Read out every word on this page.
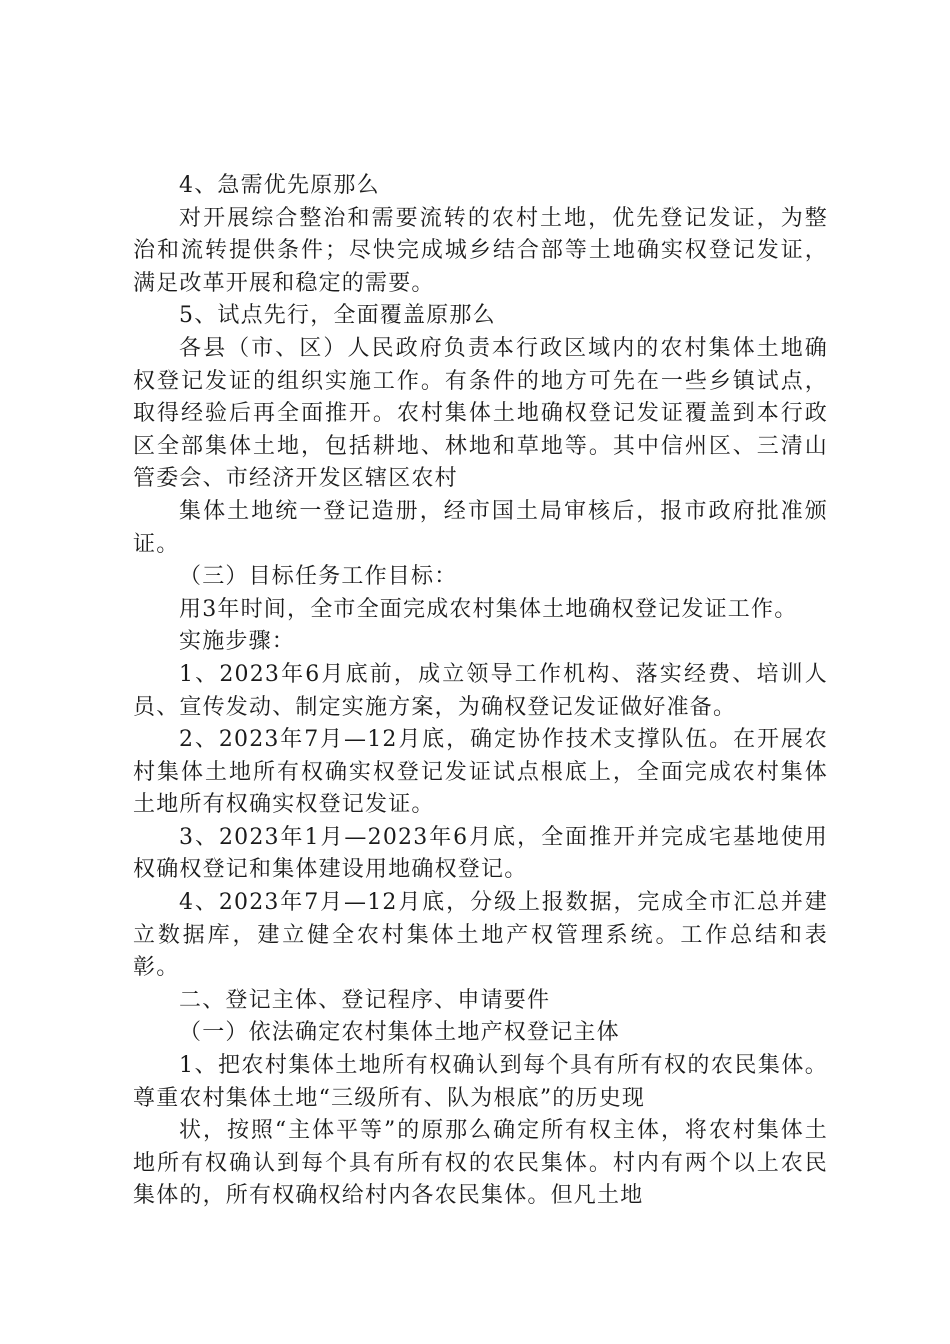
4、急需优先原那么

对开展综合整治和需要流转的农村土地，优先登记发证，为整治和流转提供条件；尽快完成城乡结合部等土地确实权登记发证，满足改革开展和稳定的需要。

5、试点先行，全面覆盖原那么

各县（市、区）人民政府负责本行政区域内的农村集体土地确权登记发证的组织实施工作。有条件的地方可先在一些乡镇试点，取得经验后再全面推开。农村集体土地确权登记发证覆盖到本行政区全部集体土地，包括耕地、林地和草地等。其中信州区、三清山管委会、市经济开发区辖区农村

集体土地统一登记造册，经市国土局审核后，报市政府批准颁证。

（三）目标任务工作目标：

用3年时间，全市全面完成农村集体土地确权登记发证工作。

实施步骤：

1、2023年6月底前，成立领导工作机构、落实经费、培训人员、宣传发动、制定实施方案，为确权登记发证做好准备。

2、2023年7月—12月底，确定协作技术支撑队伍。在开展农村集体土地所有权确实权登记发证试点根底上，全面完成农村集体土地所有权确实权登记发证。

3、2023年1月—2023年6月底，全面推开并完成宅基地使用权确权登记和集体建设用地确权登记。

4、2023年7月—12月底，分级上报数据，完成全市汇总并建立数据库，建立健全农村集体土地产权管理系统。工作总结和表彰。

二、登记主体、登记程序、申请要件

（一）依法确定农村集体土地产权登记主体

1、把农村集体土地所有权确认到每个具有所有权的农民集体。尊重农村集体土地“三级所有、队为根底”的历史现

状，按照“主体平等”的原那么确定所有权主体，将农村集体土地所有权确认到每个具有所有权的农民集体。村内有两个以上农民集体的，所有权确权给村内各农民集体。但凡土地
